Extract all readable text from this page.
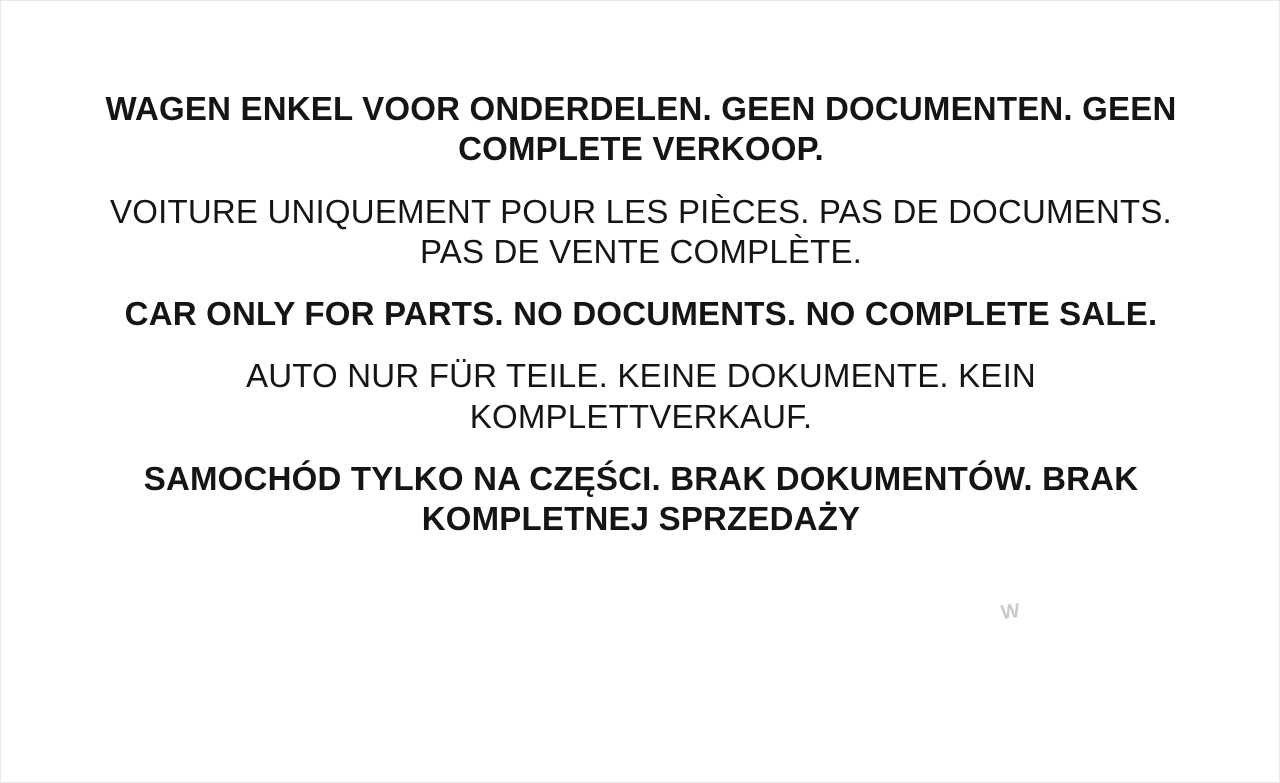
WAGEN ENKEL VOOR ONDERDELEN. GEEN DOCUMENTEN. GEEN COMPLETE VERKOOP.
VOITURE UNIQUEMENT POUR LES PIÈCES. PAS DE DOCUMENTS. PAS DE VENTE COMPLÈTE.
CAR ONLY FOR PARTS. NO DOCUMENTS. NO COMPLETE SALE.
AUTO NUR FÜR TEILE. KEINE DOKUMENTE. KEIN KOMPLETTVERKAUF.
SAMOCHÓD TYLKO NA CZĘŚCI. BRAK DOKUMENTÓW. BRAK KOMPLETNEJ SPRZEDAŻY
W
